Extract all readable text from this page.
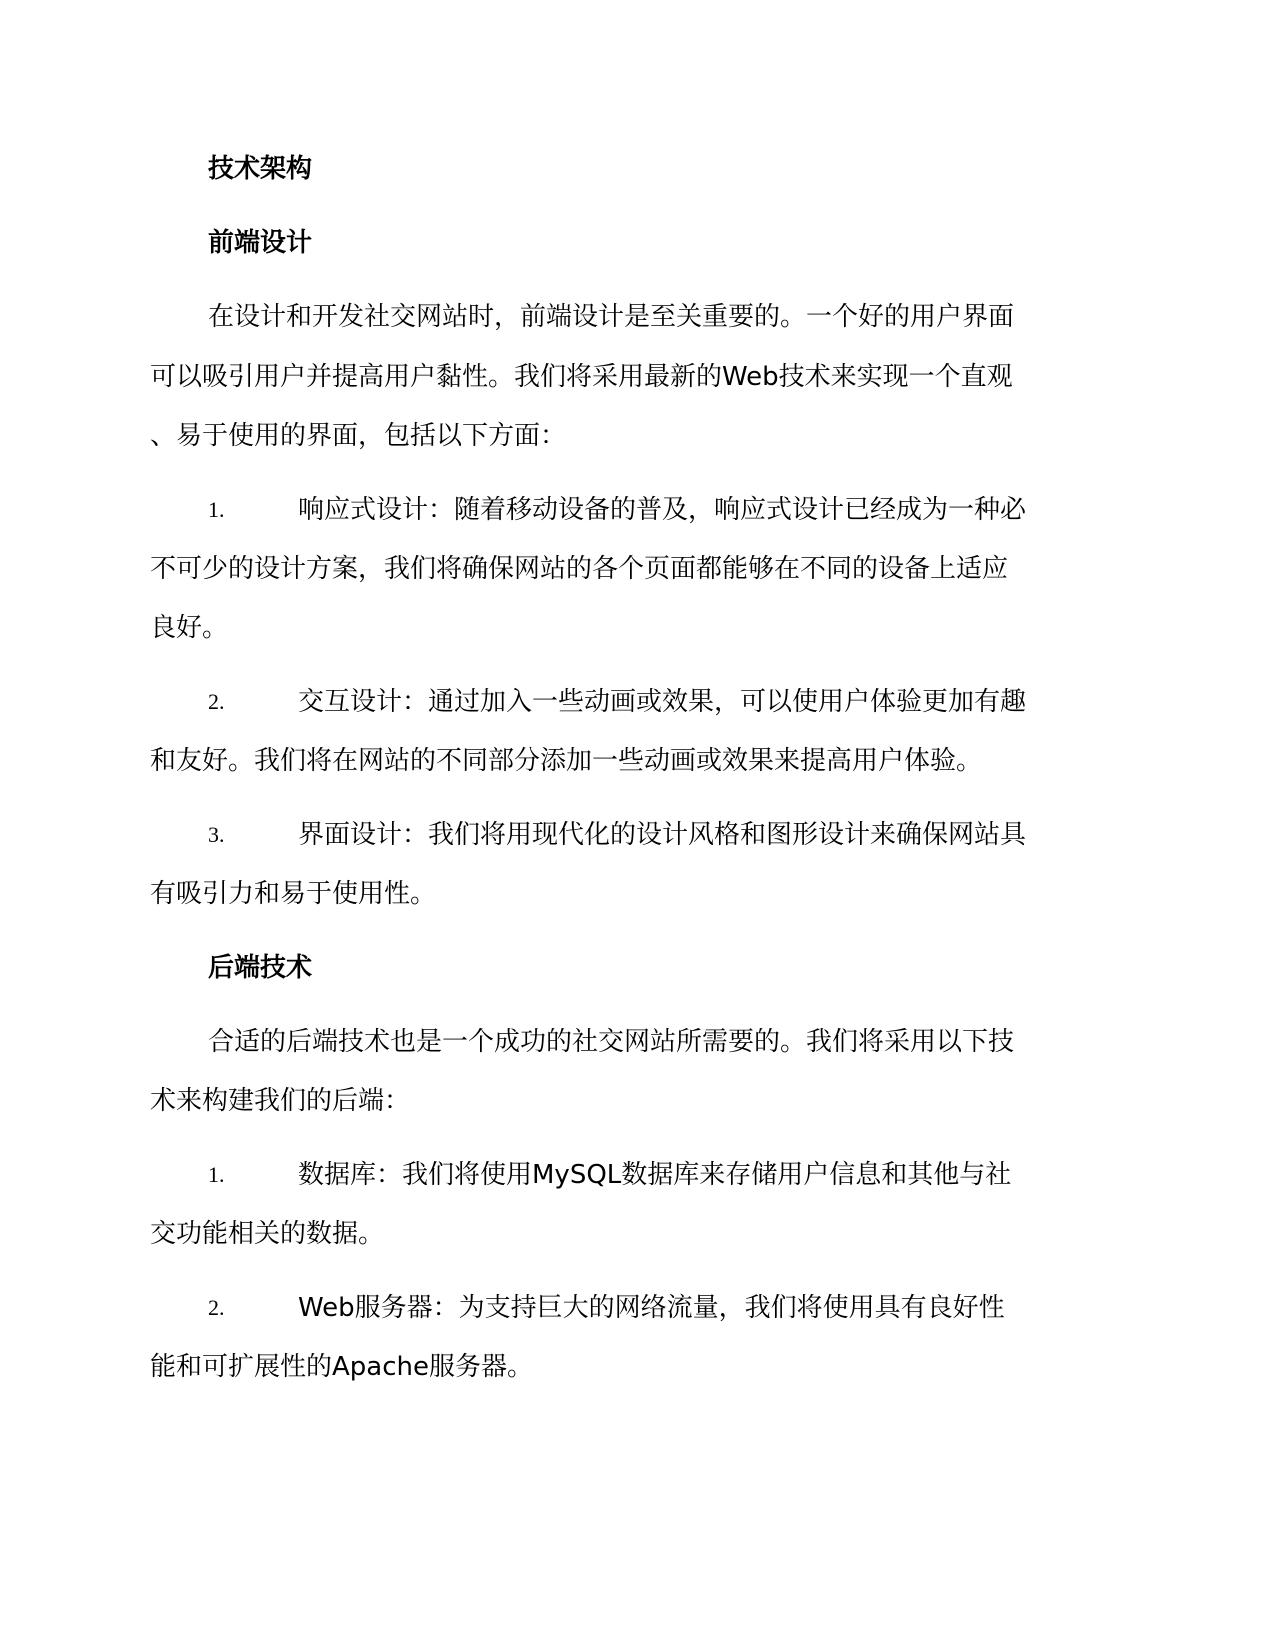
技术架构
前端设计
在设计和开发社交网站时，前端设计是至关重要的。一个好的用户界面
可以吸引用户并提高用户黏性。我们将采用最新的Web技术来实现一个直观
、易于使用的界面，包括以下方面：
1.	响应式设计：随着移动设备的普及，响应式设计已经成为一种必
不可少的设计方案，我们将确保网站的各个页面都能够在不同的设备上适应
良好。
2.	交互设计：通过加入一些动画或效果，可以使用户体验更加有趣
和友好。我们将在网站的不同部分添加一些动画或效果来提高用户体验。
3.	界面设计：我们将用现代化的设计风格和图形设计来确保网站具
有吸引力和易于使用性。
后端技术
合适的后端技术也是一个成功的社交网站所需要的。我们将采用以下技
术来构建我们的后端：
1.	数据库：我们将使用MySQL数据库来存储用户信息和其他与社
交功能相关的数据。
2.	Web服务器：为支持巨大的网络流量，我们将使用具有良好性
能和可扩展性的Apache服务器。
